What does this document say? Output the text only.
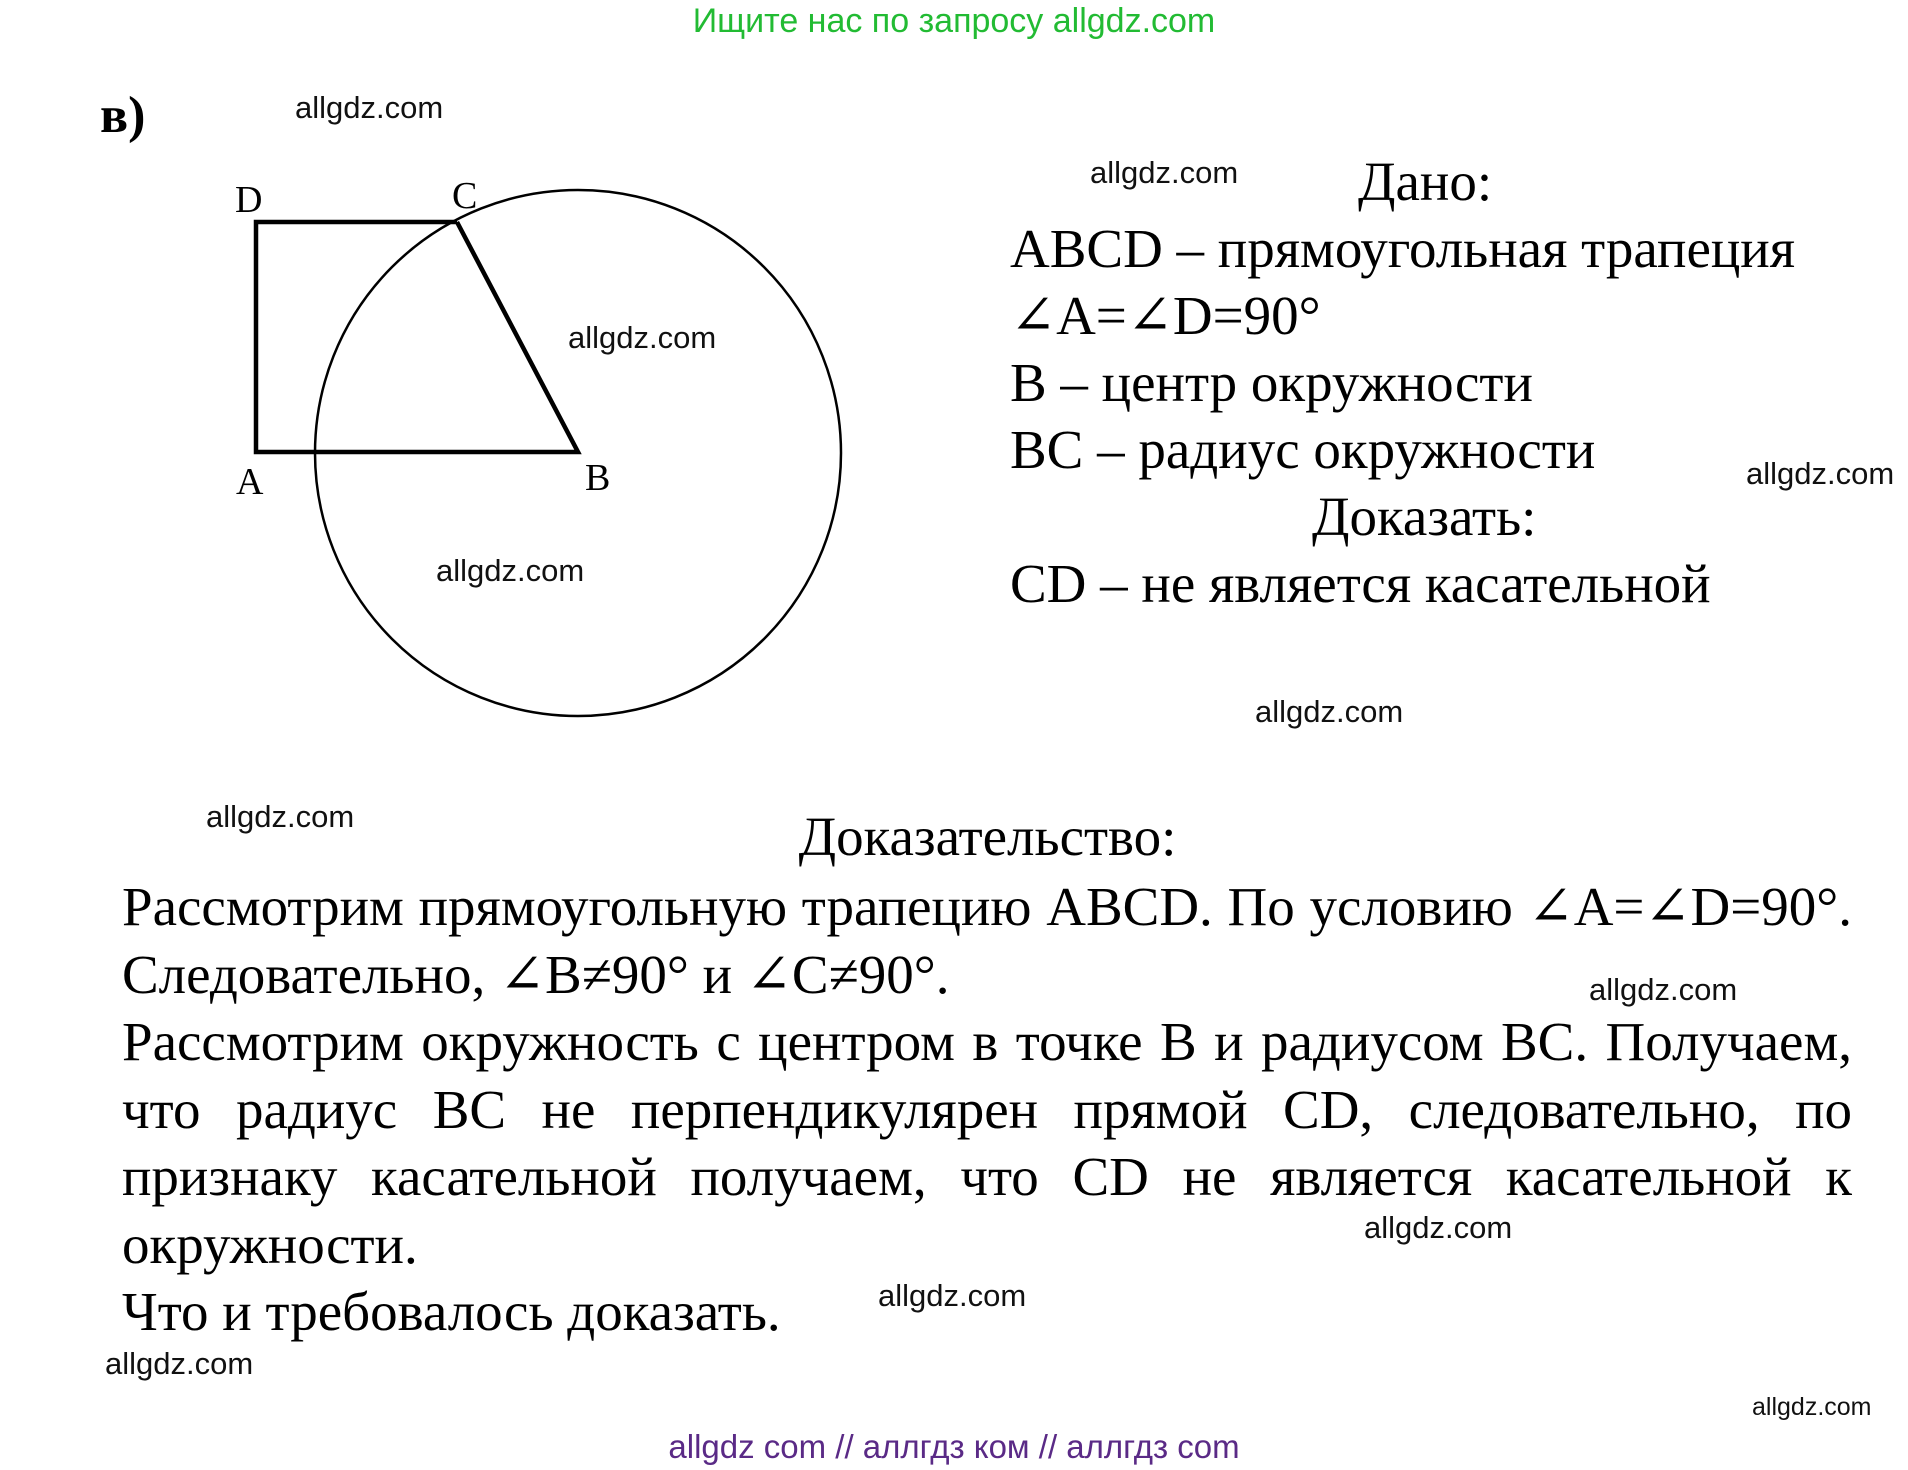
Ищите нас по запросу allgdz.com
в)
D	C
A	B
Дано:
ABCD – прямоугольная трапеция
∠A=∠D=90°
B – центр окружности
BC – радиус окружности
Доказать:
CD – не является касательной
Доказательство:

Рассмотрим прямоугольную трапецию ABCD. По условию ∠A=∠D=90°. Следовательно, ∠B≠90° и ∠C≠90°.

Рассмотрим окружность с центром в точке B и радиусом BC. Получаем, что радиус BC не перпендикулярен прямой CD, следовательно, по признаку касательной получаем, что CD не является касательной к окружности.

Что и требовалось доказать.

allgdz.com
allgdz.com
allgdz.com
allgdz.com
allgdz.com
allgdz.com
allgdz.com
allgdz.com
allgdz.com
allgdz.com
allgdz.com
allgdz.com
allgdz com // аллгдз ком // аллгдз com
